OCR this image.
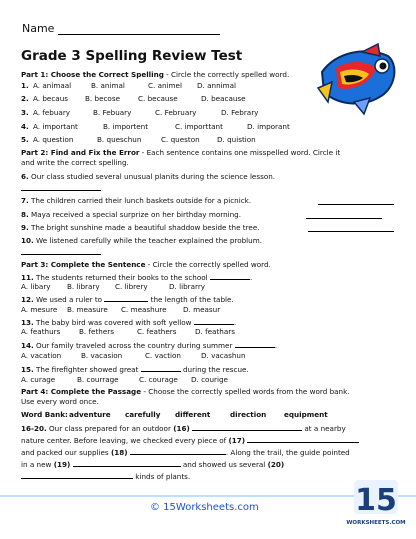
Name
Grade 3 Spelling Review Test
Part 1: Choose the Correct Spelling - Circle the correctly spelled word.
1. A. animaal	B. animal	C. animel D. annimal
2. A. becaus B. becose C. because	D. beacause
3. A. febuary	B. Febuary	C. February	D. Febrary
4. A. important	B. importent	C. importtant	D. imporant
5. A. question	B. queschun	C. queston D. quistion
Part 2: Find and Fix the Error - Each sentence contains one misspelled word. Circle it
and write the correct spelling.
6. Our class studied several unusual planits during the science lesson.
7. The children carried their lunch baskets outside for a picnick.
8. Maya received a special surprize on her birthday morning.
9. The bright sunshine made a beautiful shaddow beside the tree.
10. We listened carefully while the teacher explained the problum.
Part 3: Complete the Sentence - Circle the correctly spelled word.
11. The students returned their books to the school	.
A. libary B. library C. librery	D. librarry
12. We used a ruler to	the length of the table.
A. mesure B. measure C. meashure D. measur
13. The baby bird was covered with soft yellow	.
A. feathurs	B. fethers	C. feathers	D. feathars
14. Our family traveled across the country during summer	.
A. vacation	B. vacasion	C. vaction	D. vacashun
15. The firefighter showed great	during the rescue.
A. curage	B. courrage	C. courage D. courige
Part 4: Complete the Passage - Choose the correctly spelled words from the word bank.
Use every word once.
Word Bank: adventure carefully different	direction equipment
16-20. Our class prepared for an outdoor (16)	at a nearby
nature center. Before leaving, we checked every piece of (17)
and packed our supplies (18)	. Along the trail, the guide pointed
in a new (19)	and showed us several (20)
kinds of plants.
© 15Worksheets.com	15
WORKSHEETS.COM
